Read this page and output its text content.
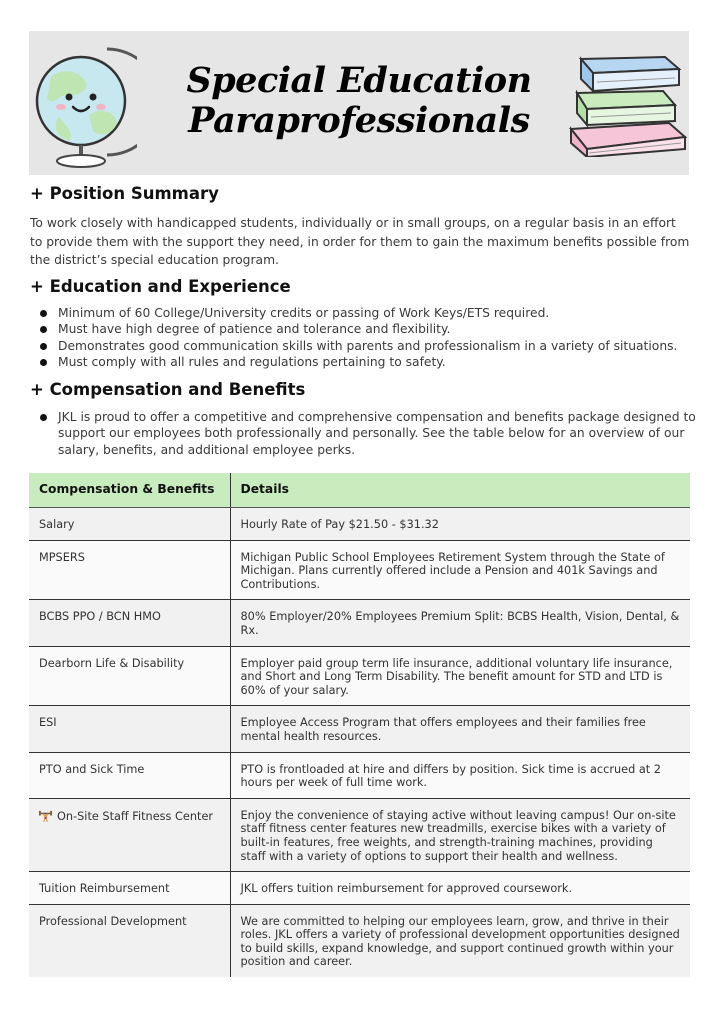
Special Education
Paraprofessionals
+ Position Summary
To work closely with handicapped students, individually or in small groups, on a regular basis in an effort to provide them with the support they need, in order for them to gain the maximum benefits possible from the district’s special education program.
+ Education and Experience
Minimum of 60 College/University credits or passing of Work Keys/ETS required.
Must have high degree of patience and tolerance and flexibility.
Demonstrates good communication skills with parents and professionalism in a variety of situations.
Must comply with all rules and regulations pertaining to safety.
+ Compensation and Benefits
JKL is proud to offer a competitive and comprehensive compensation and benefits package designed to support our employees both professionally and personally. See the table below for an overview of our salary, benefits, and additional employee perks.
Compensation & Benefits	Details
Salary	Hourly Rate of Pay $21.50 - $31.32
MPSERS	Michigan Public School Employees Retirement System through the State of Michigan. Plans currently offered include a Pension and 401k Savings and Contributions.
BCBS PPO / BCN HMO	80% Employer/20% Employees Premium Split: BCBS Health, Vision, Dental, & Rx.
Dearborn Life & Disability	Employer paid group term life insurance, additional voluntary life insurance, and Short and Long Term Disability. The benefit amount for STD and LTD is 60% of your salary.
ESI	Employee Access Program that offers employees and their families free mental health resources.
PTO and Sick Time	PTO is frontloaded at hire and differs by position. Sick time is accrued at 2 hours per week of full time work.
On-Site Staff Fitness Center	Enjoy the convenience of staying active without leaving campus! Our on-site staff fitness center features new treadmills, exercise bikes with a variety of built-in features, free weights, and strength-training machines, providing staff with a variety of options to support their health and wellness.
Tuition Reimbursement	JKL offers tuition reimbursement for approved coursework.
Professional Development	We are committed to helping our employees learn, grow, and thrive in their roles. JKL offers a variety of professional development opportunities designed to build skills, expand knowledge, and support continued growth within your position and career.
